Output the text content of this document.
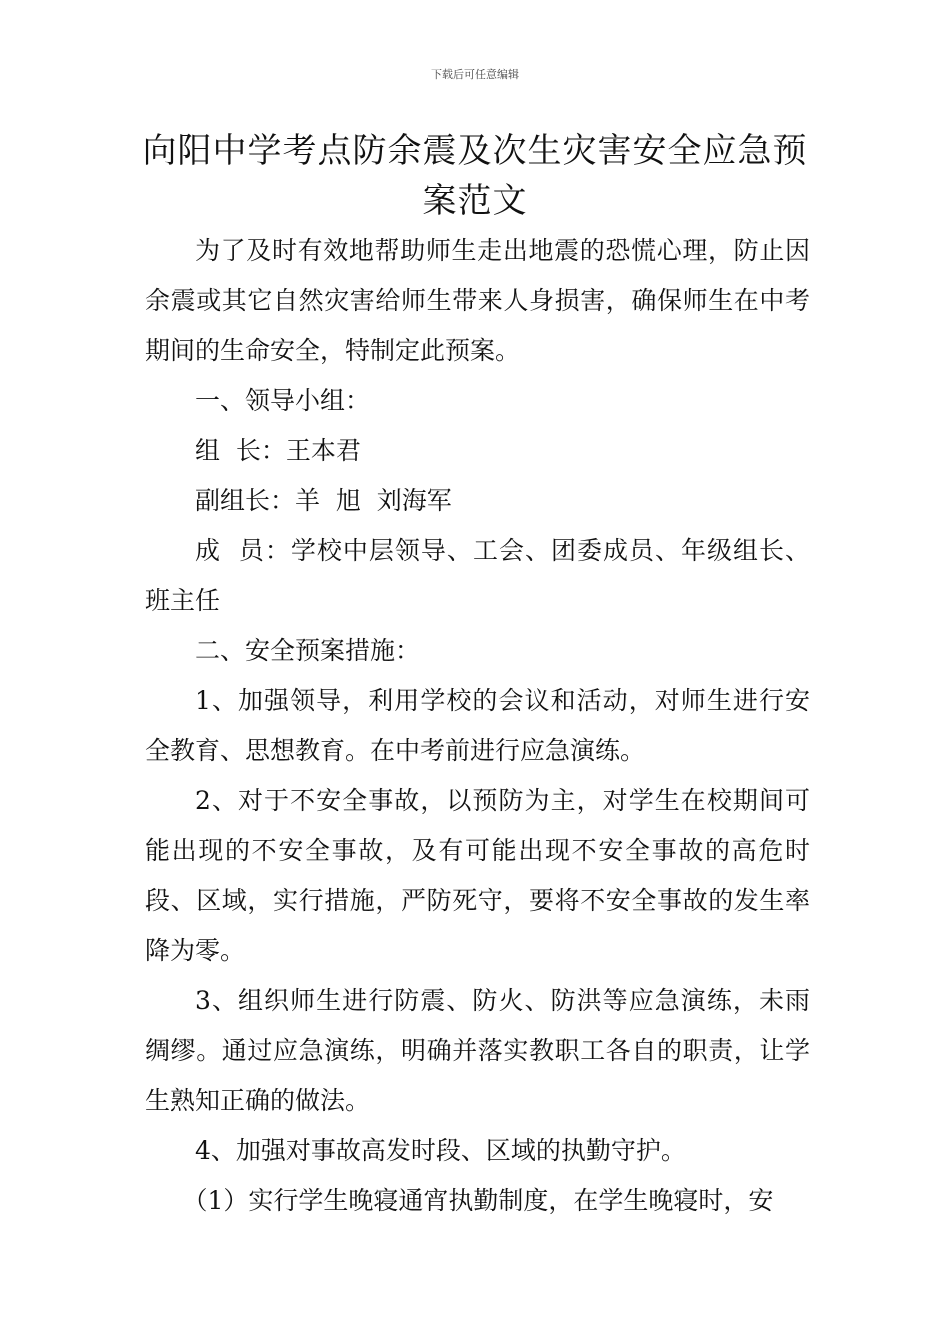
下载后可任意编辑
向阳中学考点防余震及次生灾害安全应急预案范文

为了及时有效地帮助师生走出地震的恐慌心理，防止因余震或其它自然灾害给师生带来人身损害，确保师生在中考期间的生命安全，特制定此预案。

一、领导小组：

组  长：王本君

副组长：羊  旭  刘海军

成  员：学校中层领导、工会、团委成员、年级组长、班主任

二、安全预案措施：

1、加强领导，利用学校的会议和活动，对师生进行安全教育、思想教育。在中考前进行应急演练。

2、对于不安全事故，以预防为主，对学生在校期间可能出现的不安全事故，及有可能出现不安全事故的高危时段、区域，实行措施，严防死守，要将不安全事故的发生率降为零。

3、组织师生进行防震、防火、防洪等应急演练，未雨绸缪。通过应急演练，明确并落实教职工各自的职责，让学生熟知正确的做法。

4、加强对事故高发时段、区域的执勤守护。

（1）实行学生晚寝通宵执勤制度，在学生晚寝时，安
